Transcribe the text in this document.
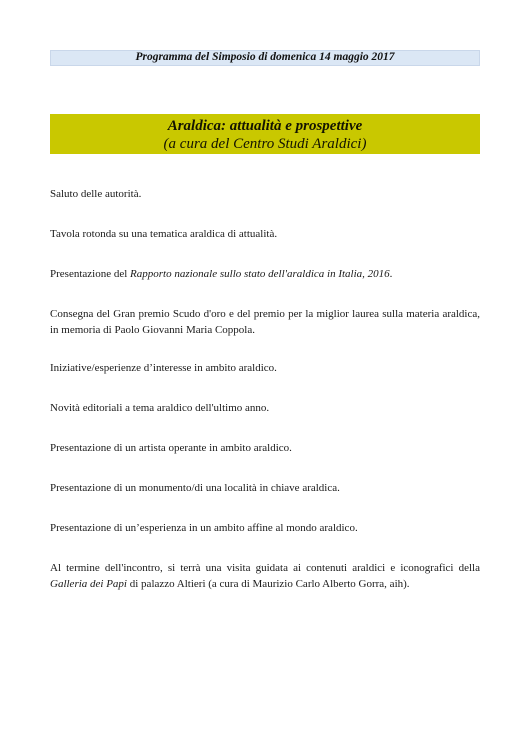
Programma del Simposio di domenica 14 maggio 2017
Araldica: attualità e prospettive
(a cura del Centro Studi Araldici)
Saluto delle autorità.
Tavola rotonda su una tematica araldica di attualità.
Presentazione del Rapporto nazionale sullo stato dell'araldica in Italia, 2016.
Consegna del Gran premio Scudo d'oro e del premio per la miglior laurea sulla materia araldica, in memoria di Paolo Giovanni Maria Coppola.
Iniziative/esperienze d’interesse in ambito araldico.
Novità editoriali a tema araldico dell'ultimo anno.
Presentazione di un artista operante in ambito araldico.
Presentazione di un monumento/di una località in chiave araldica.
Presentazione di un’esperienza in un ambito affine al mondo araldico.
Al termine dell'incontro, si terrà una visita guidata ai contenuti araldici e iconografici della Galleria dei Papi di palazzo Altieri (a cura di Maurizio Carlo Alberto Gorra, aih).
